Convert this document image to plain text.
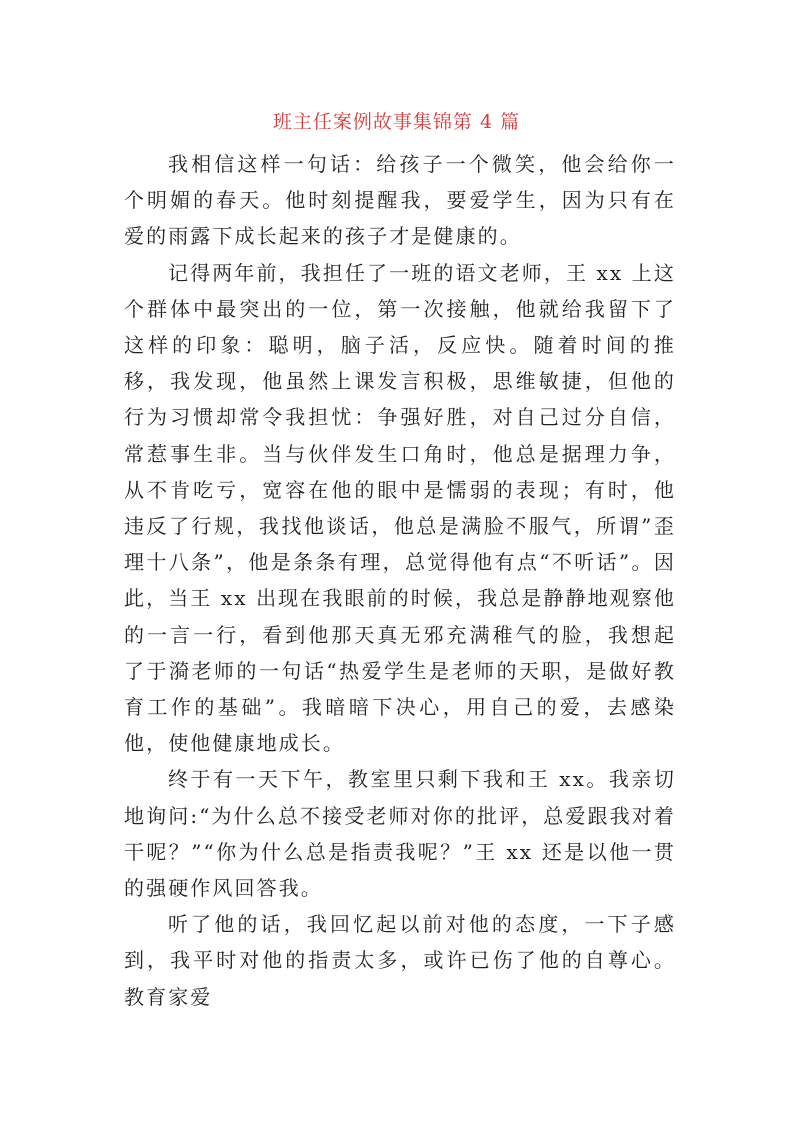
班主任案例故事集锦第 4 篇

我相信这样一句话：给孩子一个微笑，他会给你一个明媚的春天。他时刻提醒我，要爱学生，因为只有在爱的雨露下成长起来的孩子才是健康的。

记得两年前，我担任了一班的语文老师，王 xx 上这个群体中最突出的一位，第一次接触，他就给我留下了这样的印象：聪明，脑子活，反应快。随着时间的推移，我发现，他虽然上课发言积极，思维敏捷，但他的行为习惯却常令我担忧：争强好胜，对自己过分自信，常惹事生非。当与伙伴发生口角时，他总是据理力争，从不肯吃亏，宽容在他的眼中是懦弱的表现；有时，他违反了行规，我找他谈话，他总是满脸不服气，所谓”歪理十八条”，他是条条有理，总觉得他有点“不听话”。因此，当王 xx 出现在我眼前的时候，我总是静静地观察他的一言一行，看到他那天真无邪充满稚气的脸，我想起了于漪老师的一句话“热爱学生是老师的天职，是做好教育工作的基础”。我暗暗下决心，用自己的爱，去感染他，使他健康地成长。

终于有一天下午，教室里只剩下我和王 xx。我亲切地询问:“为什么总不接受老师对你的批评，总爱跟我对着干呢？”“你为什么总是指责我呢？”王 xx 还是以他一贯的强硬作风回答我。

听了他的话，我回忆起以前对他的态度，一下子感到，我平时对他的指责太多，或许已伤了他的自尊心。教育家爱
